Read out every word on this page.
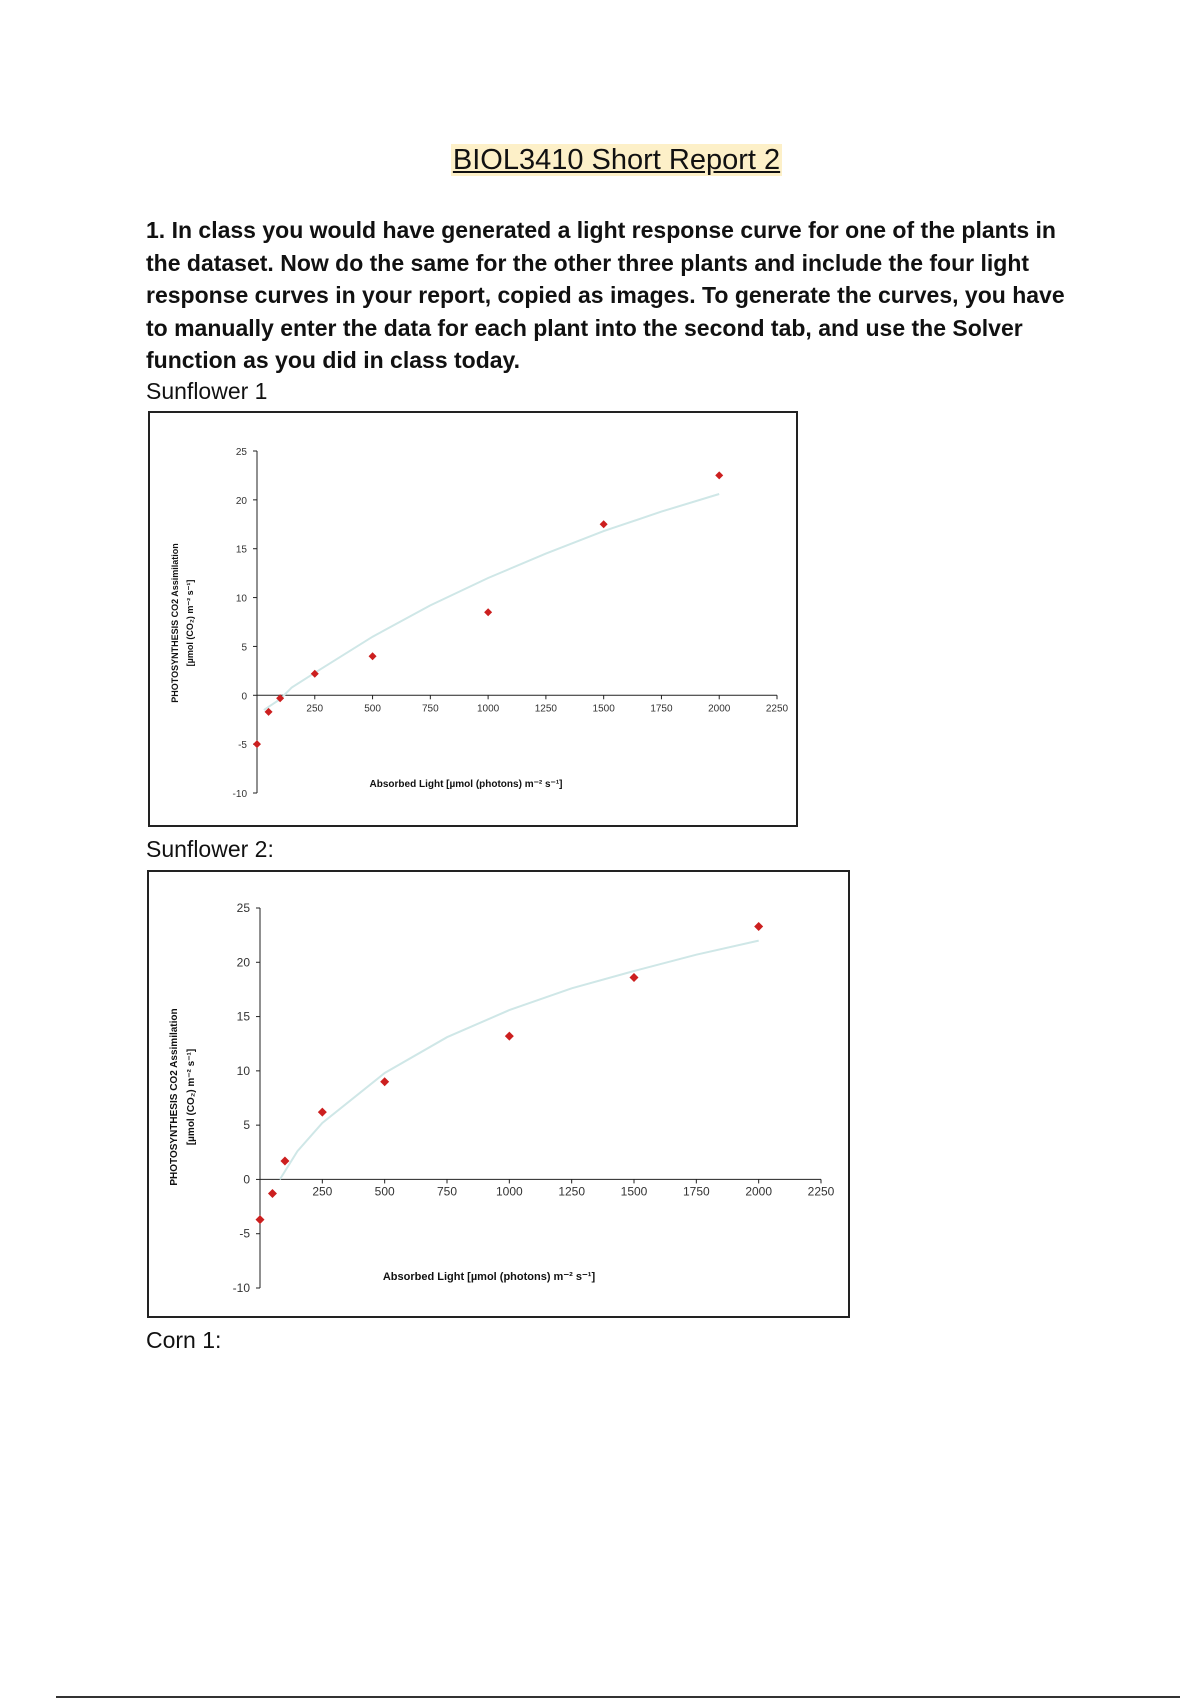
BIOL3410 Short Report 2
1. In class you would have generated a light response curve for one of the plants in the dataset. Now do the same for the other three plants and include the four light response curves in your report, copied as images. To generate the curves, you have to manually enter the data for each plant into the second tab, and use the Solver function as you did in class today.
Sunflower 1
25
20
15
10
5
0
-5
-10
250	500	750	1000	1250	1500	1750	2000	2250
Absorbed Light [µmol (photons) m⁻² s⁻¹]
PHOTOSYNTHESIS CO2 Assimilation [µmol (CO₂) m⁻² s⁻¹]
Sunflower 2:
25
20
15
10
5
0
-5
-10
250	500	750	1000	1250	1500	1750	2000	2250
Absorbed Light [µmol (photons) m⁻² s⁻¹]
PHOTOSYNTHESIS CO2 Assimilation [µmol (CO₂) m⁻² s⁻¹]
Corn 1:
